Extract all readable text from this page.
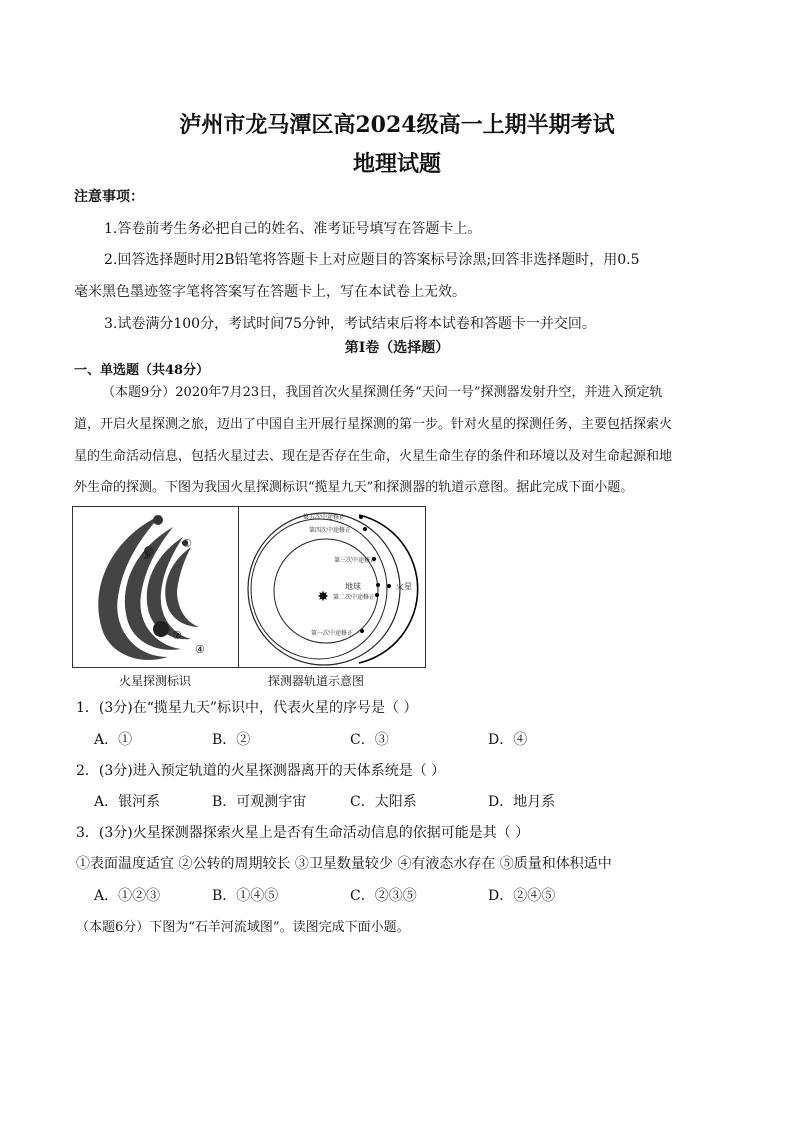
泸州市龙马潭区高2024级高一上期半期考试
地理试题
注意事项：
1.答卷前考生务必把自己的姓名、准考证号填写在答题卡上。
2.回答选择题时用2B铅笔将答题卡上对应题目的答案标号涂黑;回答非选择题时，用0.5
毫米黑色墨迹签字笔将答案写在答题卡上，写在本试卷上无效。
3.试卷满分100分，考试时间75分钟，考试结束后将本试卷和答题卡一并交回。
第Ⅰ卷（选择题）
一、单选题（共48分）
（本题9分）2020年7月23日，我国首次火星探测任务“天问一号”探测器发射升空，并进入预定轨
道，开启火星探测之旅，迈出了中国自主开展行星探测的第一步。针对火星的探测任务，主要包括探索火
星的生命活动信息，包括火星过去、现在是否存在生命，火星生命生存的条件和环境以及对生命起源和地
外生命的探测。下图为我国火星探测标识“揽星九天”和探测器的轨道示意图。据此完成下面小题。
①
②
③
④
✸
第五次中途修正
第四次中途修正
第三次中途修正
地球	火星
第二次中途修正
第一次中途修正
火星探测标识	探测器轨道示意图
1．(3分)在“揽星九天”标识中，代表火星的序号是（ ）
A．①	B．②	C．③	D．④
2．(3分)进入预定轨道的火星探测器离开的天体系统是（ ）
A．银河系	B．可观测宇宙	C．太阳系	D．地月系
3．(3分)火星探测器探索火星上是否有生命活动信息的依据可能是其（ ）
①表面温度适宜 ②公转的周期较长 ③卫星数量较少 ④有液态水存在 ⑤质量和体积适中
A．①②③	B．①④⑤	C．②③⑤	D．②④⑤
（本题6分）下图为“石羊河流域图”。读图完成下面小题。
